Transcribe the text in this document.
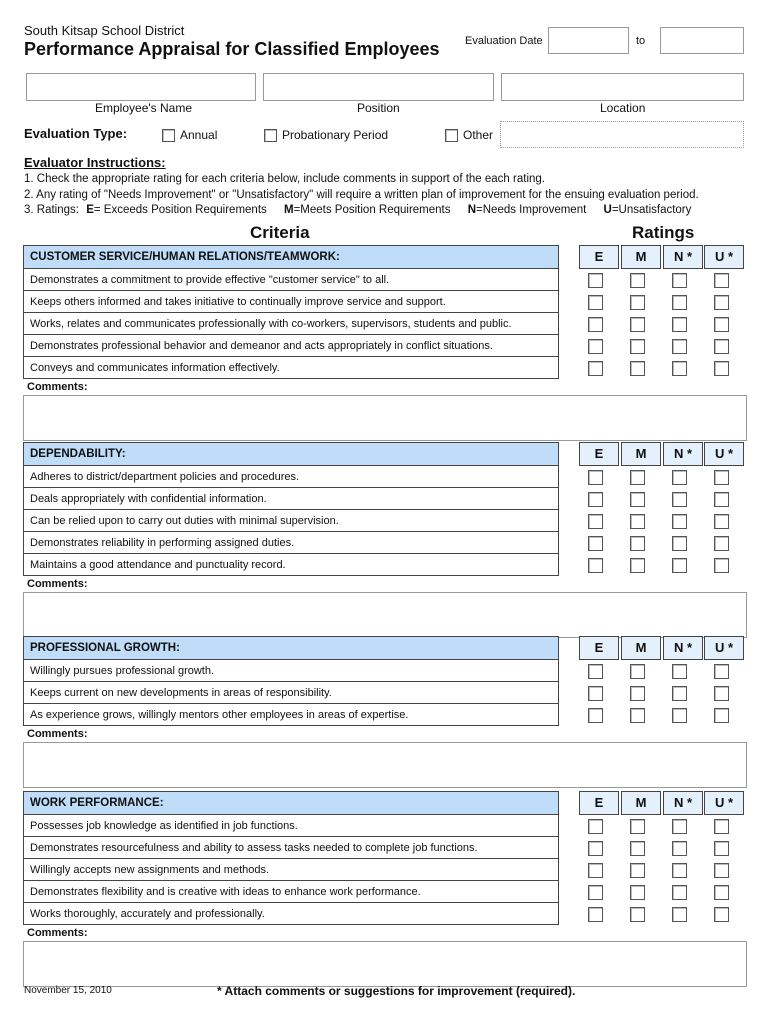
South Kitsap School District
Performance Appraisal for Classified Employees Evaluation Date	to
Employee's Name	Position	Location
Evaluation Type:	Annual	Probationary Period	Other
Evaluator Instructions:
1. Check the appropriate rating for each criteria below, include comments in support of the each rating.
2. Any rating of "Needs Improvement" or "Unsatisfactory" will require a written plan of improvement for the ensuing evaluation period.
3. Ratings: E= Exceeds Position Requirements M=Meets Position Requirements N=Needs Improvement U=Unsatisfactory
Criteria	Ratings
CUSTOMER SERVICE/HUMAN RELATIONS/TEAMWORK:	E	M	N *	U *
Demonstrates a commitment to provide effective "customer service" to all.
Keeps others informed and takes initiative to continually improve service and support.
Works, relates and communicates professionally with co-workers, supervisors, students and public.
Demonstrates professional behavior and demeanor and acts appropriately in conflict situations.
Conveys and communicates information effectively.
Comments:
DEPENDABILITY:	E	M	N *	U *
Adheres to district/department policies and procedures.
Deals appropriately with confidential information.
Can be relied upon to carry out duties with minimal supervision.
Demonstrates reliability in performing assigned duties.
Maintains a good attendance and punctuality record.
Comments:
PROFESSIONAL GROWTH:	E	M	N *	U *
Willingly pursues professional growth.
Keeps current on new developments in areas of responsibility.
As experience grows, willingly mentors other employees in areas of expertise.
Comments:
WORK PERFORMANCE:	E	M	N *	U *
Possesses job knowledge as identified in job functions.
Demonstrates resourcefulness and ability to assess tasks needed to complete job functions.
Willingly accepts new assignments and methods.
Demonstrates flexibility and is creative with ideas to enhance work performance.
Works thoroughly, accurately and professionally.
Comments:
November 15, 2010	* Attach comments or suggestions for improvement (required).
